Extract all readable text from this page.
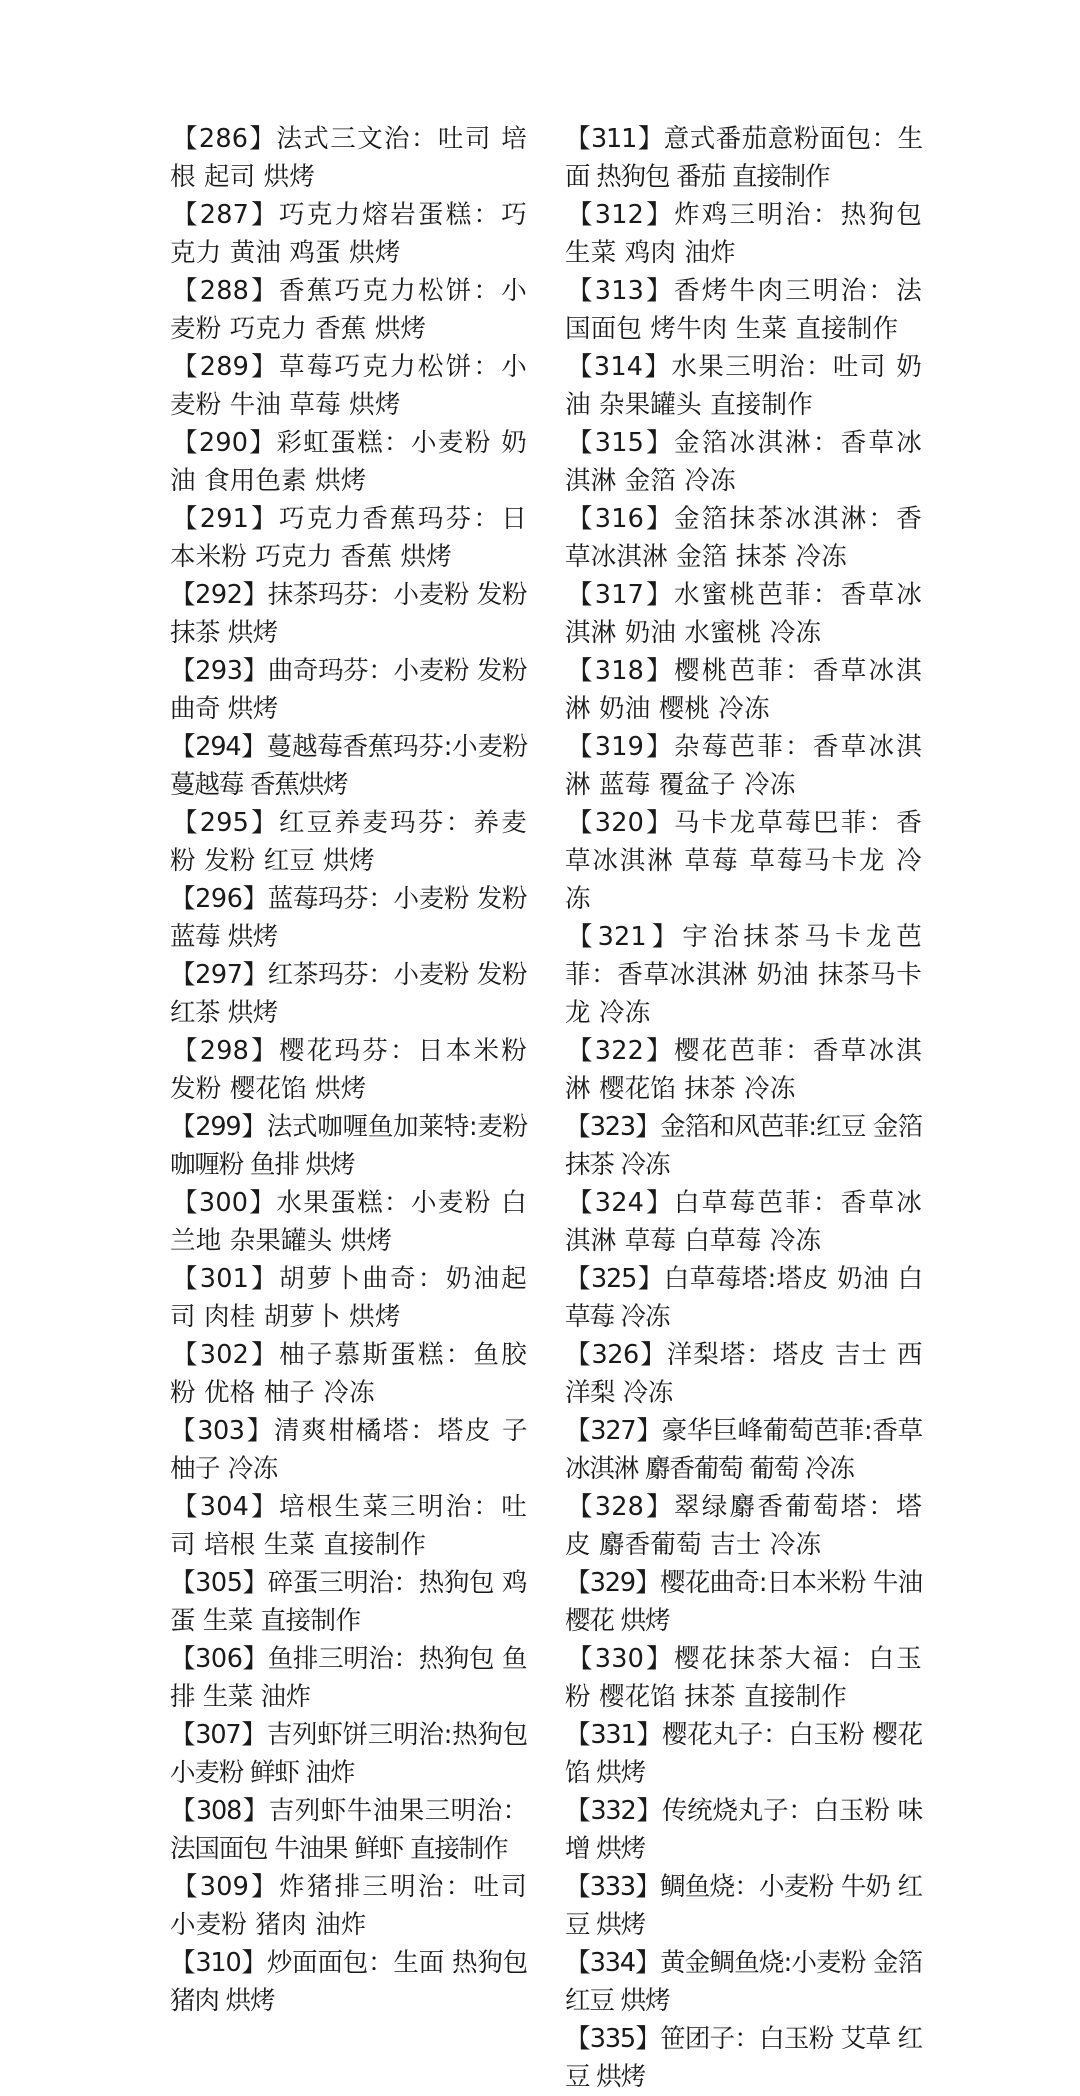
【286】法式三文治：吐司 培根 起司 烘烤

【287】巧克力熔岩蛋糕：巧克力 黄油 鸡蛋 烘烤

【288】香蕉巧克力松饼：小麦粉 巧克力 香蕉 烘烤

【289】草莓巧克力松饼：小麦粉 牛油 草莓 烘烤

【290】彩虹蛋糕：小麦粉 奶油 食用色素 烘烤

【291】巧克力香蕉玛芬：日本米粉 巧克力 香蕉 烘烤

【292】抹茶玛芬：小麦粉 发粉 抹茶 烘烤

【293】曲奇玛芬：小麦粉 发粉 曲奇 烘烤

【294】蔓越莓香蕉玛芬:小麦粉 蔓越莓 香蕉烘烤

【295】红豆养麦玛芬：养麦粉 发粉 红豆 烘烤

【296】蓝莓玛芬：小麦粉 发粉 蓝莓 烘烤

【297】红茶玛芬：小麦粉 发粉 红茶 烘烤

【298】樱花玛芬：日本米粉 发粉 樱花馅 烘烤

【299】法式咖喱鱼加莱特:麦粉 咖喱粉 鱼排 烘烤

【300】水果蛋糕：小麦粉 白兰地 杂果罐头 烘烤

【301】胡萝卜曲奇：奶油起司 肉桂 胡萝卜 烘烤

【302】柚子慕斯蛋糕：鱼胶粉 优格 柚子 冷冻

【303】清爽柑橘塔：塔皮 子 柚子 冷冻

【304】培根生菜三明治：吐司 培根 生菜 直接制作

【305】碎蛋三明治：热狗包 鸡蛋 生菜 直接制作

【306】鱼排三明治：热狗包 鱼排 生菜 油炸

【307】吉列虾饼三明治:热狗包 小麦粉 鲜虾 油炸

【308】吉列虾牛油果三明治：法国面包 牛油果 鲜虾 直接制作

【309】炸猪排三明治：吐司 小麦粉 猪肉 油炸

【310】炒面面包：生面 热狗包 猪肉 烘烤

【311】意式番茄意粉面包：生面 热狗包 番茄 直接制作

【312】炸鸡三明治：热狗包 生菜 鸡肉 油炸

【313】香烤牛肉三明治：法国面包 烤牛肉 生菜 直接制作

【314】水果三明治：吐司 奶油 杂果罐头 直接制作

【315】金箔冰淇淋：香草冰淇淋 金箔 冷冻

【316】金箔抹茶冰淇淋：香草冰淇淋 金箔 抹茶 冷冻

【317】水蜜桃芭菲：香草冰淇淋 奶油 水蜜桃 冷冻

【318】樱桃芭菲：香草冰淇淋 奶油 樱桃 冷冻

【319】杂莓芭菲：香草冰淇淋 蓝莓 覆盆子 冷冻

【320】马卡龙草莓巴菲：香草冰淇淋 草莓 草莓马卡龙 冷冻

【321】宇治抹茶马卡龙芭菲：香草冰淇淋 奶油 抹茶马卡龙 冷冻

【322】樱花芭菲：香草冰淇淋 樱花馅 抹茶 冷冻

【323】金箔和风芭菲:红豆 金箔 抹茶 冷冻

【324】白草莓芭菲：香草冰淇淋 草莓 白草莓 冷冻

【325】白草莓塔:塔皮 奶油 白草莓 冷冻

【326】洋梨塔：塔皮 吉士 西洋梨 冷冻

【327】豪华巨峰葡萄芭菲:香草冰淇淋 麝香葡萄 葡萄 冷冻

【328】翠绿麝香葡萄塔：塔皮 麝香葡萄 吉士 冷冻

【329】樱花曲奇:日本米粉 牛油 樱花 烘烤

【330】樱花抹茶大福：白玉粉 樱花馅 抹茶 直接制作

【331】樱花丸子：白玉粉 樱花馅 烘烤

【332】传统烧丸子：白玉粉 味增 烘烤

【333】鲷鱼烧：小麦粉 牛奶 红豆 烘烤

【334】黄金鲷鱼烧:小麦粉 金箔 红豆 烘烤

【335】笹团子：白玉粉 艾草 红豆 烘烤
